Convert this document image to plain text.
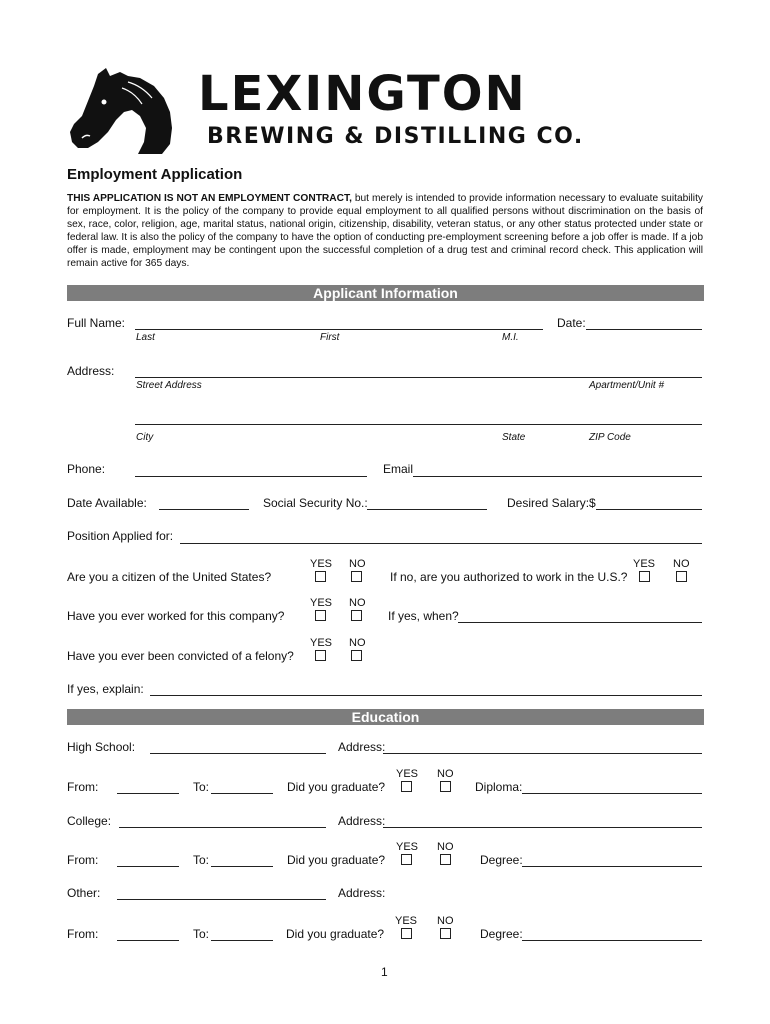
LEXINGTON
BREWING & DISTILLING CO.
Employment Application
THIS APPLICATION IS NOT AN EMPLOYMENT CONTRACT, but merely is intended to provide information necessary to evaluate suitability for employment. It is the policy of the company to provide equal employment to all qualified persons without discrimination on the basis of sex, race, color, religion, age, marital status, national origin, citizenship, disability, veteran status, or any other status protected under state or federal law. It is also the policy of the company to have the option of conducting pre-employment screening before a job offer is made. If a job offer is made, employment may be contingent upon the successful completion of a drug test and criminal record check. This application will remain active for 365 days.
Applicant Information
Full Name:	Date:
Last	First	M.I.
Address:
Street Address	Apartment/Unit #
City	State	ZIP Code
Phone:	Email
Date Available:	Social Security No.:	Desired Salary:$
Position Applied for:
YES NO
Are you a citizen of the United States?
YES NO
If no, are you authorized to work in the U.S.?
YES NO
Have you ever worked for this company?	If yes, when?
YES NO
Have you ever been convicted of a felony?
If yes, explain:
Education
High School:	Address:
YES NO
From:	To:	Did you graduate?	Diploma:
College:	Address:
YES NO
From:	To:	Did you graduate?	Degree:
Other:	Address:
YES NO
From:	To:	Did you graduate?	Degree:
1
